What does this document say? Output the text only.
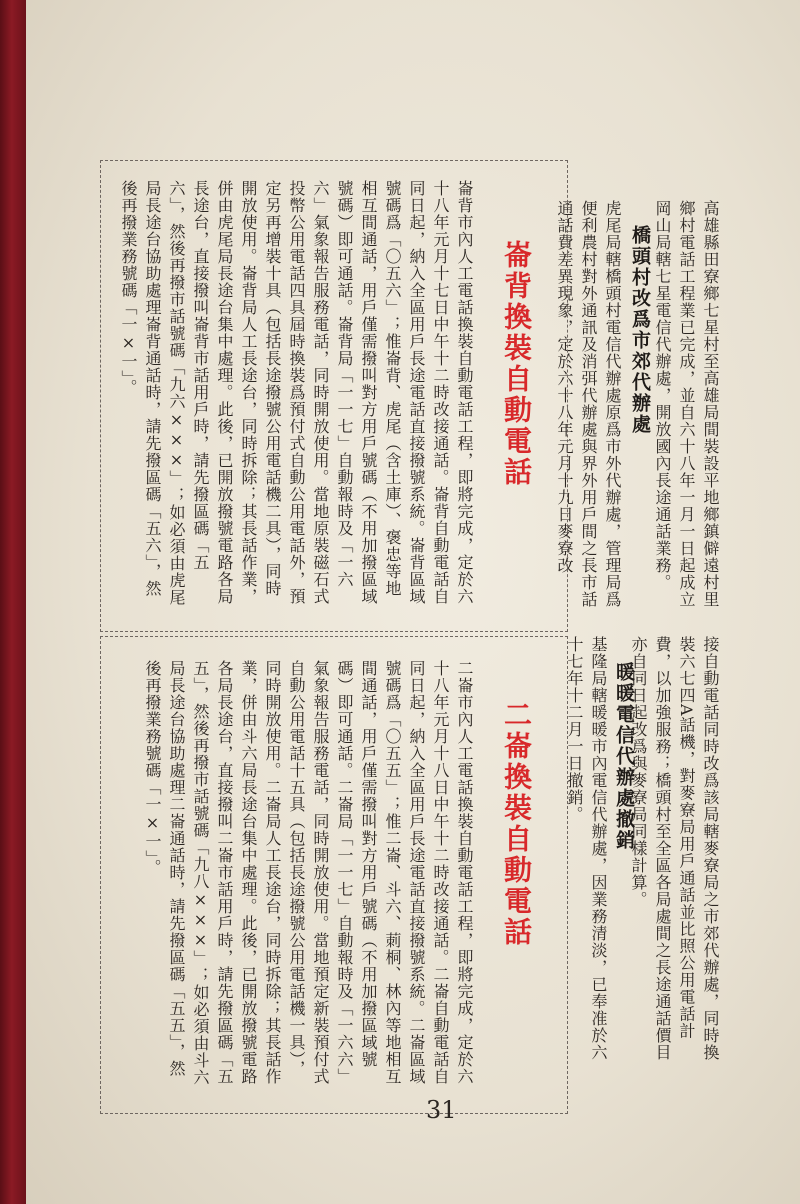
高雄縣田寮鄉七星村至高雄局間裝設平地鄉鎮僻遠村里鄉村電話工程業已完成，並自六十八年一月一日起成立岡山局轄七星電信代辦處，開放國內長途通話業務。
橋頭村改爲市郊代辦處
虎尾局轄橋頭村電信代辦處原爲市外代辦處，管理局爲便利農村對外通訊及消弭代辦處與界外用戶間之長市話通話費差異現象，定於六十八年元月十九日麥寮改
接自動電話同時改爲該局轄麥寮局之市郊代辦處，同時換裝六七四A話機，對麥寮局用戶通話並比照公用電話計費，以加強服務；橋頭村至全區各局處間之長途通話價目亦自同日起改爲與麥寮局同樣計算。
暖暖電信代辦處撤銷
基隆局轄暖暖市內電信代辦處，因業務清淡，已奉准於六十七年十二月一日撤銷。
崙背換裝自動電話
崙背市內人工電話換裝自動電話工程，即將完成，定於六十八年元月十七日中午十二時改接通話。崙背自動電話自同日起，納入全區用戶長途電話直接撥號系統。崙背區域號碼爲「〇五六」；惟崙背、虎尾（含土庫）、褒忠等地相互間通話，用戶僅需撥叫對方用戶號碼（不用加撥區域號碼）即可通話。崙背局「一一七」自動報時及「一六六」氣象報告服務電話，同時開放使用。當地原裝磁石式投幣公用電話四具屆時換裝爲預付式自動公用電話外，預定另再增裝十具（包括長途撥號公用電話機二具），同時開放使用。崙背局人工長途台，同時拆除；其長話作業，併由虎尾局長途台集中處理。此後，已開放撥號電路各局長途台，直接撥叫崙背市話用戶時，請先撥區碼「五六」，然後再撥市話號碼「九六×××」；如必須由虎尾局長途台協助處理崙背通話時，請先撥區碼「五六」，然後再撥業務號碼「一×一」。
二崙換裝自動電話
二崙市內人工電話換裝自動電話工程，即將完成，定於六十八年元月十八日中午十二時改接通話。二崙自動電話自同日起，納入全區用戶長途電話直接撥號系統。二崙區域號碼爲「〇五五」；惟二崙、斗六、莿桐、林內等地相互間通話，用戶僅需撥叫對方用戶號碼（不用加撥區域號碼）即可通話。二崙局「一一七」自動報時及「一六六」氣象報告服務電話，同時開放使用。當地預定新裝預付式自動公用電話十五具（包括長途撥號公用電話機一具），同時開放使用。二崙局人工長途台，同時拆除；其長話作業，併由斗六局長途台集中處理。此後，已開放撥號電路各局長途台，直接撥叫二崙市話用戶時，請先撥區碼「五五」，然後再撥市話號碼「九八×××」；如必須由斗六局長途台協助處理二崙通話時，請先撥區碼「五五」，然後再撥業務號碼「一×一」。
31
